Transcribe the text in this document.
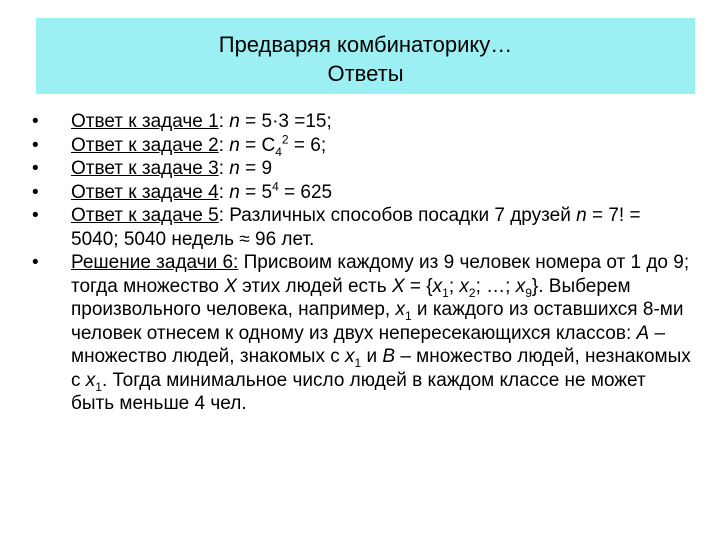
Предваряя комбинаторику…
Ответы
• Ответ к задаче 1: n = 5·3 =15;
• Ответ к задаче 2: $n = C_4^2 = 6$;
• Ответ к задаче 3: n = 9
• Ответ к задаче 4: $n = 5^4 = 625$
• Ответ к задаче 5: Различных способов посадки 7 друзей n = 7! = 5040; 5040 недель ≈ 96 лет.
• Решение задачи 6: Присвоим каждому из 9 человек номера от 1 до 9; тогда множество X этих людей есть $X = \{x_1$; $x_2$; …; $x_9$}. Выберем произвольного человека, например, $x_1$ и каждого из оставшихся 8-ми человек отнесем к одному из двух непересекающихся классов: A – множество людей, знакомых с $x_1$ и B – множество людей, незнакомых с $x_1$. Тогда минимальное число людей в каждом классе не может быть меньше 4 чел.
